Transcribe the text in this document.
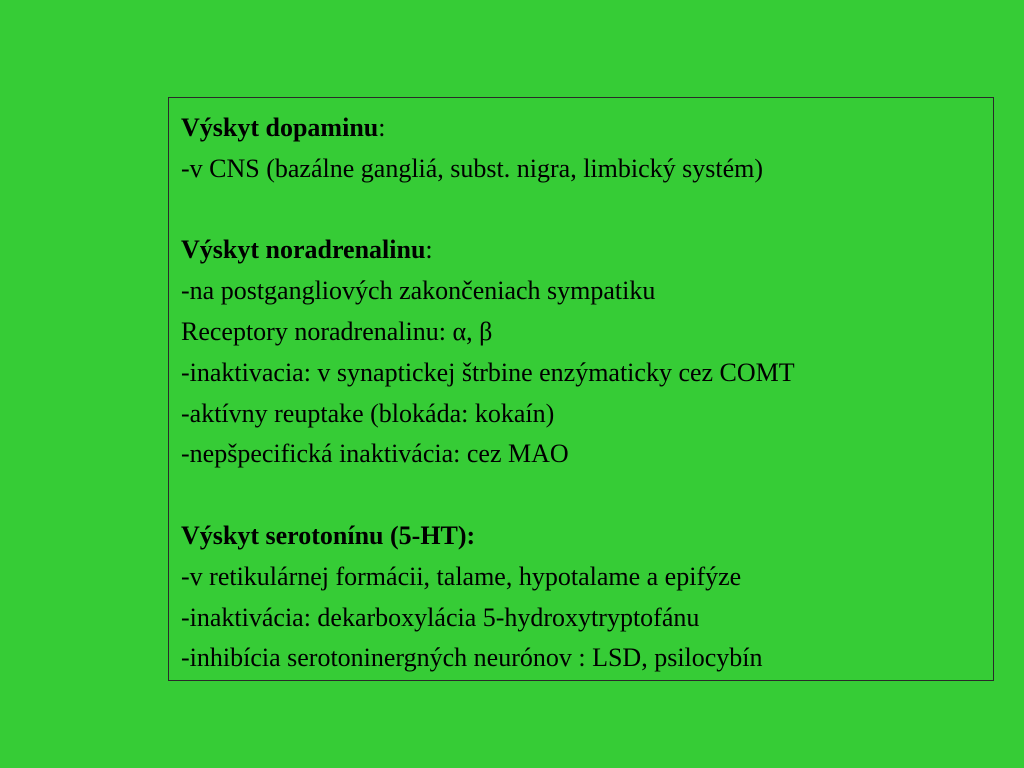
Výskyt dopaminu:
-v CNS (bazálne gangliá, subst. nigra, limbický systém)
Výskyt noradrenalinu:
-na postgangliových zakončeniach sympatiku
Receptory noradrenalinu: α, β
-inaktivacia: v synaptickej štrbine enzýmaticky cez COMT
-aktívny reuptake (blokáda: kokaín)
-nepšpecifická inaktivácia: cez MAO
Výskyt serotonínu (5-HT):
-v retikulárnej formácii, talame, hypotalame a epifýze
-inaktivácia: dekarboxylácia 5-hydroxytryptofánu
-inhibícia serotoninergných neurónov : LSD, psilocybín
